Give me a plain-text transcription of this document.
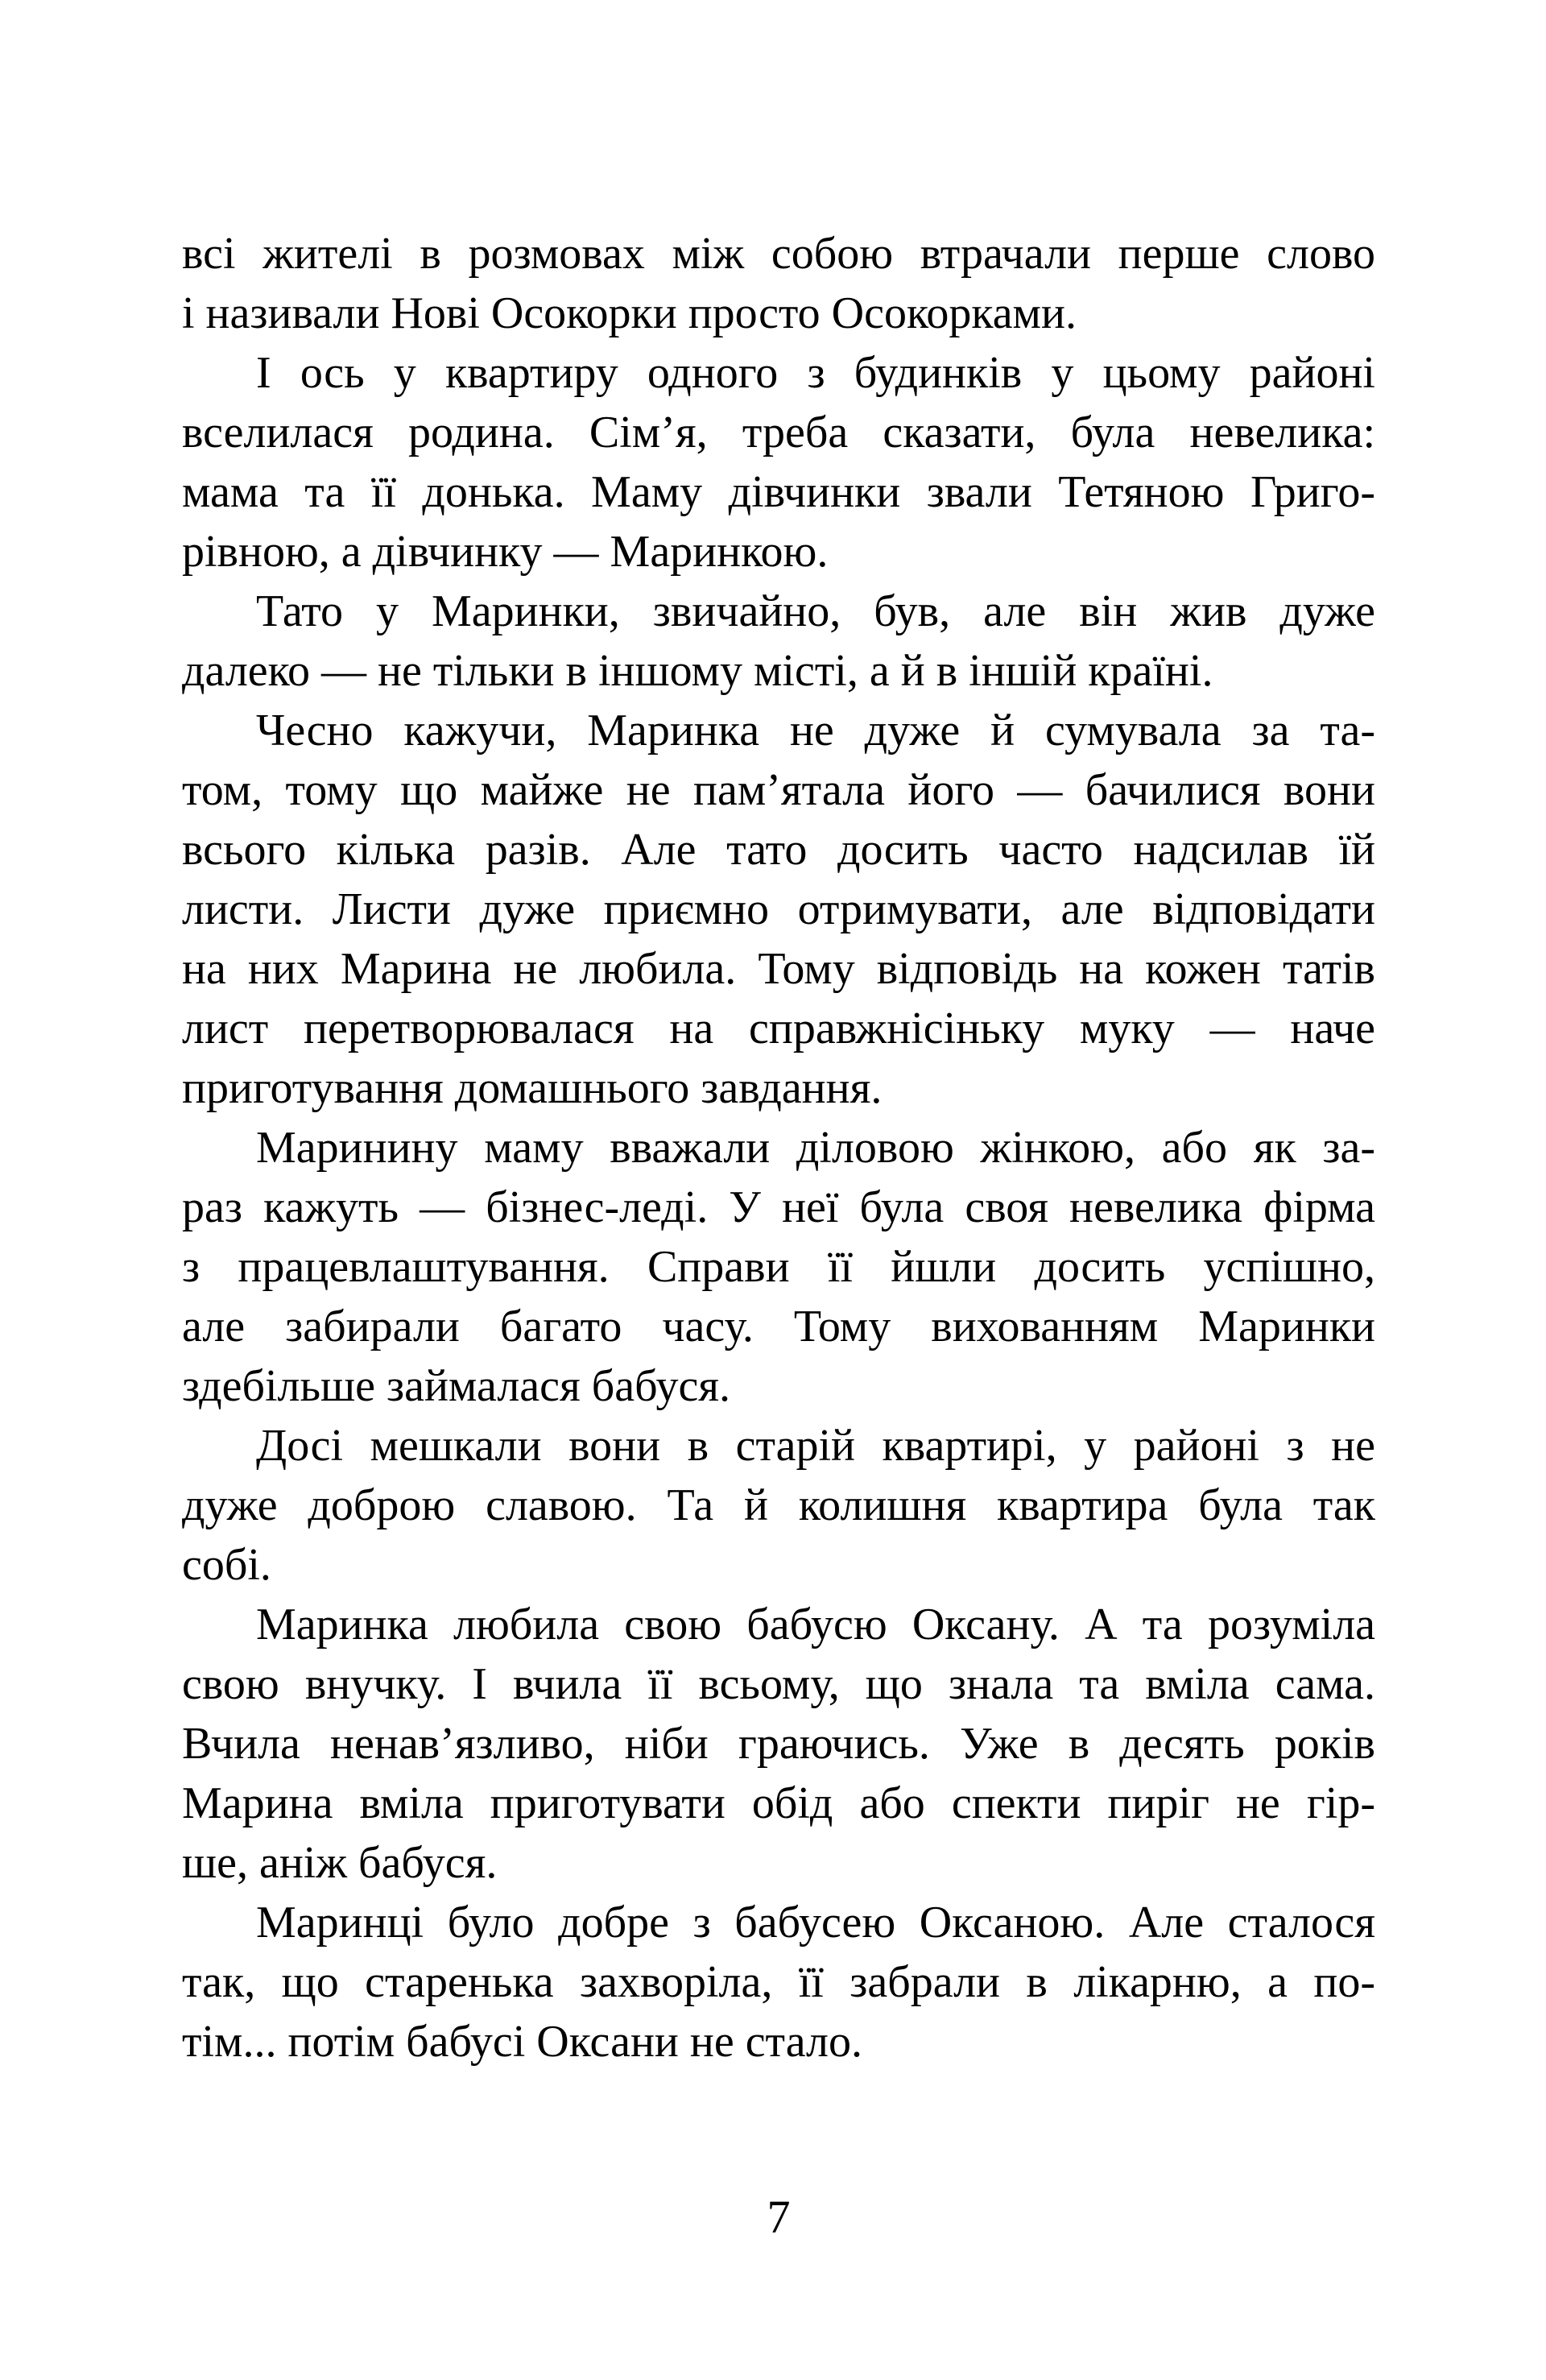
всі жителі в розмовах між собою втрачали перше слово
і називали Нові Осокорки просто Осокорками.
І ось у квартиру одного з будинків у цьому районі
вселилася родина. Сім’я, треба сказати, була невелика:
мама та її донька. Маму дівчинки звали Тетяною Григо-
рівною, а дівчинку — Маринкою.
Тато у Маринки, звичайно, був, але він жив дуже
далеко — не тільки в іншому місті, а й в іншій країні.
Чесно кажучи, Маринка не дуже й сумувала за та-
том, тому що майже не пам’ятала його — бачилися вони
всього кілька разів. Але тато досить часто надсилав їй
листи. Листи дуже приємно отримувати, але відповідати
на них Марина не любила. Тому відповідь на кожен татів
лист перетворювалася на справжнісіньку муку — наче
приготування домашнього завдання.
Маринину маму вважали діловою жінкою, або як за-
раз кажуть — бізнес-леді. У неї була своя невелика фірма
з працевлаштування. Справи її йшли досить успішно,
але забирали багато часу. Тому вихованням Маринки
здебільше займалася бабуся.
Досі мешкали вони в старій квартирі, у районі з не
дуже доброю славою. Та й колишня квартира була так
собі.
Маринка любила свою бабусю Оксану. А та розуміла
свою внучку. І вчила її всьому, що знала та вміла сама.
Вчила ненав’язливо, ніби граючись. Уже в десять років
Марина вміла приготувати обід або спекти пиріг не гір-
ше, аніж бабуся.
Маринці було добре з бабусею Оксаною. Але сталося
так, що старенька захворіла, її забрали в лікарню, а по-
тім... потім бабусі Оксани не стало.
7
